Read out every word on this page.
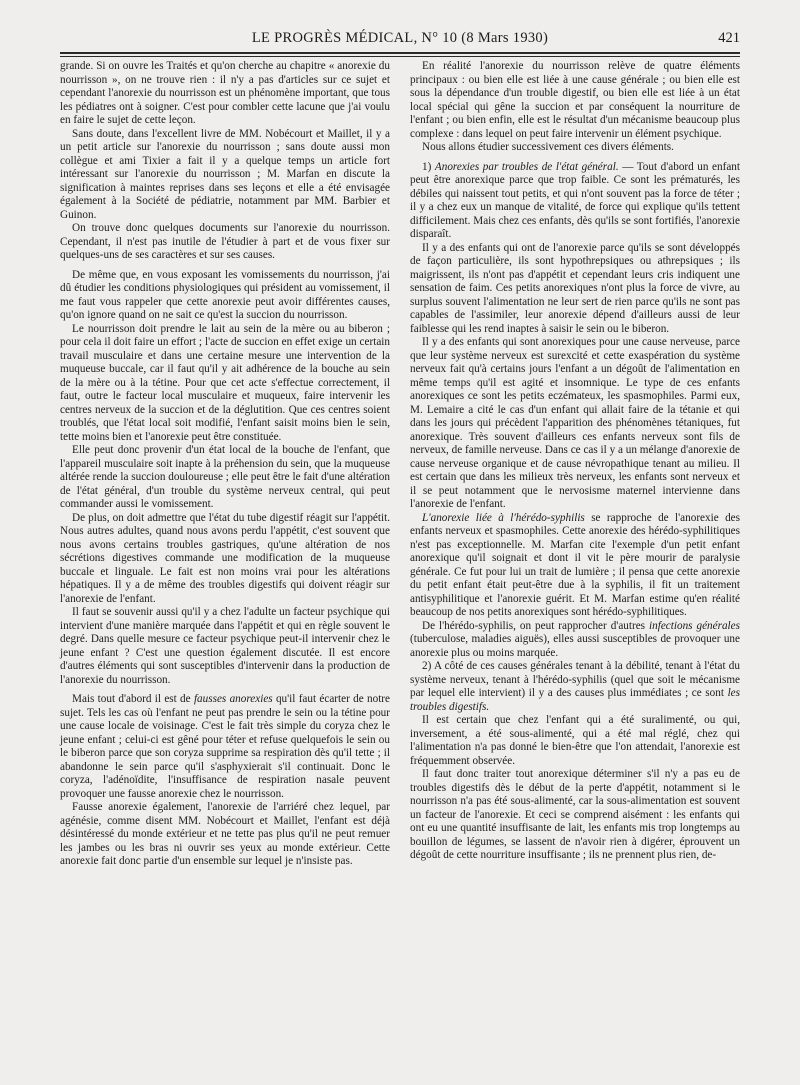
LE PROGRÈS MÉDICAL, N° 10 (8 Mars 1930)	421

grande. Si on ouvre les Traités et qu'on cherche au chapitre « anorexie du nourrisson », on ne trouve rien : il n'y a pas d'articles sur ce sujet et cependant l'anorexie du nourrisson est un phénomène important, que tous les pédiatres ont à soigner. C'est pour combler cette lacune que j'ai voulu en faire le sujet de cette leçon.

Sans doute, dans l'excellent livre de MM. Nobécourt et Maillet, il y a un petit article sur l'anorexie du nourrisson ; sans doute aussi mon collègue et ami Tixier a fait il y a quelque temps un article fort intéressant sur l'anorexie du nourrisson ; M. Marfan en discute la signification à maintes reprises dans ses leçons et elle a été envisagée également à la Société de pédiatrie, notamment par MM. Barbier et Guinon.

On trouve donc quelques documents sur l'anorexie du nourrisson. Cependant, il n'est pas inutile de l'étudier à part et de vous fixer sur quelques-uns de ses caractères et sur ses causes.

De même que, en vous exposant les vomissements du nourrisson, j'ai dû étudier les conditions physiologiques qui président au vomissement, il me faut vous rappeler que cette anorexie peut avoir différentes causes, qu'on ignore quand on ne sait ce qu'est la succion du nourrisson.

Le nourrisson doit prendre le lait au sein de la mère ou au biberon ; pour cela il doit faire un effort ; l'acte de succion en effet exige un certain travail musculaire et dans une certaine mesure une intervention de la muqueuse buccale, car il faut qu'il y ait adhérence de la bouche au sein de la mère ou à la tétine. Pour que cet acte s'effectue correctement, il faut, outre le facteur local musculaire et muqueux, faire intervenir les centres nerveux de la succion et de la déglutition. Que ces centres soient troublés, que l'état local soit modifié, l'enfant saisit moins bien le sein, tette moins bien et l'anorexie peut être constituée.

Elle peut donc provenir d'un état local de la bouche de l'enfant, que l'appareil musculaire soit inapte à la préhension du sein, que la muqueuse altérée rende la succion douloureuse ; elle peut être le fait d'une altération de l'état général, d'un trouble du système nerveux central, qui peut commander aussi le vomissement.

De plus, on doit admettre que l'état du tube digestif réagit sur l'appétit. Nous autres adultes, quand nous avons perdu l'appétit, c'est souvent que nous avons certains troubles gastriques, qu'une altération de nos sécrétions digestives commande une modification de la muqueuse buccale et linguale. Le fait est non moins vrai pour les altérations hépatiques. Il y a de même des troubles digestifs qui doivent réagir sur l'anorexie de l'enfant.

Il faut se souvenir aussi qu'il y a chez l'adulte un facteur psychique qui intervient d'une manière marquée dans l'appétit et qui en règle souvent le degré. Dans quelle mesure ce facteur psychique peut-il intervenir chez le jeune enfant ? C'est une question également discutée. Il est encore d'autres éléments qui sont susceptibles d'intervenir dans la production de l'anorexie du nourrisson.

Mais tout d'abord il est de fausses anorexies qu'il faut écarter de notre sujet. Tels les cas où l'enfant ne peut pas prendre le sein ou la tétine pour une cause locale de voisinage. C'est le fait très simple du coryza chez le jeune enfant ; celui-ci est gêné pour téter et refuse quelquefois le sein ou le biberon parce que son coryza supprime sa respiration dès qu'il tette ; il abandonne le sein parce qu'il s'asphyxierait s'il continuait. Donc le coryza, l'adénoïdite, l'insuffisance de respiration nasale peuvent provoquer une fausse anorexie chez le nourrisson.

Fausse anorexie également, l'anorexie de l'arriéré chez lequel, par agénésie, comme disent MM. Nobécourt et Maillet, l'enfant est déjà désintéressé du monde extérieur et ne tette pas plus qu'il ne peut remuer les jambes ou les bras ni ouvrir ses yeux au monde extérieur. Cette anorexie fait donc partie d'un ensemble sur lequel je n'insiste pas.

En réalité l'anorexie du nourrisson relève de quatre éléments principaux : ou bien elle est liée à une cause générale ; ou bien elle est sous la dépendance d'un trouble digestif, ou bien elle est liée à un état local spécial qui gêne la succion et par conséquent la nourriture de l'enfant ; ou bien enfin, elle est le résultat d'un mécanisme beaucoup plus complexe : dans lequel on peut faire intervenir un élément psychique.

Nous allons étudier successivement ces divers éléments.

1) Anorexies par troubles de l'état général. — Tout d'abord un enfant peut être anorexique parce que trop faible. Ce sont les prématurés, les débiles qui naissent tout petits, et qui n'ont souvent pas la force de téter ; il y a chez eux un manque de vitalité, de force qui explique qu'ils tettent difficilement. Mais chez ces enfants, dès qu'ils se sont fortifiés, l'anorexie disparaît.

Il y a des enfants qui ont de l'anorexie parce qu'ils se sont développés de façon particulière, ils sont hypothrepsiques ou athrepsiques ; ils maigrissent, ils n'ont pas d'appétit et cependant leurs cris indiquent une sensation de faim. Ces petits anorexiques n'ont plus la force de vivre, au surplus souvent l'alimentation ne leur sert de rien parce qu'ils ne sont pas capables de l'assimiler, leur anorexie dépend d'ailleurs aussi de leur faiblesse qui les rend inaptes à saisir le sein ou le biberon.

Il y a des enfants qui sont anorexiques pour une cause nerveuse, parce que leur système nerveux est surexcité et cette exaspération du système nerveux fait qu'à certains jours l'enfant a un dégoût de l'alimentation en même temps qu'il est agité et insomnique. Le type de ces enfants anorexiques ce sont les petits eczémateux, les spasmophiles. Parmi eux, M. Lemaire a cité le cas d'un enfant qui allait faire de la tétanie et qui dans les jours qui précèdent l'apparition des phénomènes tétaniques, fut anorexique. Très souvent d'ailleurs ces enfants nerveux sont fils de nerveux, de famille nerveuse. Dans ce cas il y a un mélange d'anorexie de cause nerveuse organique et de cause névropathique tenant au milieu. Il est certain que dans les milieux très nerveux, les enfants sont nerveux et il se peut notamment que le nervosisme maternel intervienne dans l'anorexie de l'enfant.

L'anorexie liée à l'hérédo-syphilis se rapproche de l'anorexie des enfants nerveux et spasmophiles. Cette anorexie des hérédo-syphilitiques n'est pas exceptionnelle. M. Marfan cite l'exemple d'un petit enfant anorexique qu'il soignait et dont il vit le père mourir de paralysie générale. Ce fut pour lui un trait de lumière ; il pensa que cette anorexie du petit enfant était peut-être due à la syphilis, il fit un traitement antisyphilitique et l'anorexie guérit. Et M. Marfan estime qu'en réalité beaucoup de nos petits anorexiques sont hérédo-syphilitiques.

De l'hérédo-syphilis, on peut rapprocher d'autres infections générales (tuberculose, maladies aiguës), elles aussi susceptibles de provoquer une anorexie plus ou moins marquée.

2) A côté de ces causes générales tenant à la débilité, tenant à l'état du système nerveux, tenant à l'hérédo-syphilis (quel que soit le mécanisme par lequel elle intervient) il y a des causes plus immédiates ; ce sont les troubles digestifs.

Il est certain que chez l'enfant qui a été suralimenté, ou qui, inversement, a été sous-alimenté, qui a été mal réglé, chez qui l'alimentation n'a pas donné le bien-être que l'on attendait, l'anorexie est fréquemment observée.

Il faut donc traiter tout anorexique déterminer s'il n'y a pas eu de troubles digestifs dès le début de la perte d'appétit, notamment si le nourrisson n'a pas été sous-alimenté, car la sous-alimentation est souvent un facteur de l'anorexie. Et ceci se comprend aisément : les enfants qui ont eu une quantité insuffisante de lait, les enfants mis trop longtemps au bouillon de légumes, se lassent de n'avoir rien à digérer, éprouvent un dégoût de cette nourriture insuffisante ; ils ne prennent plus rien, de-
